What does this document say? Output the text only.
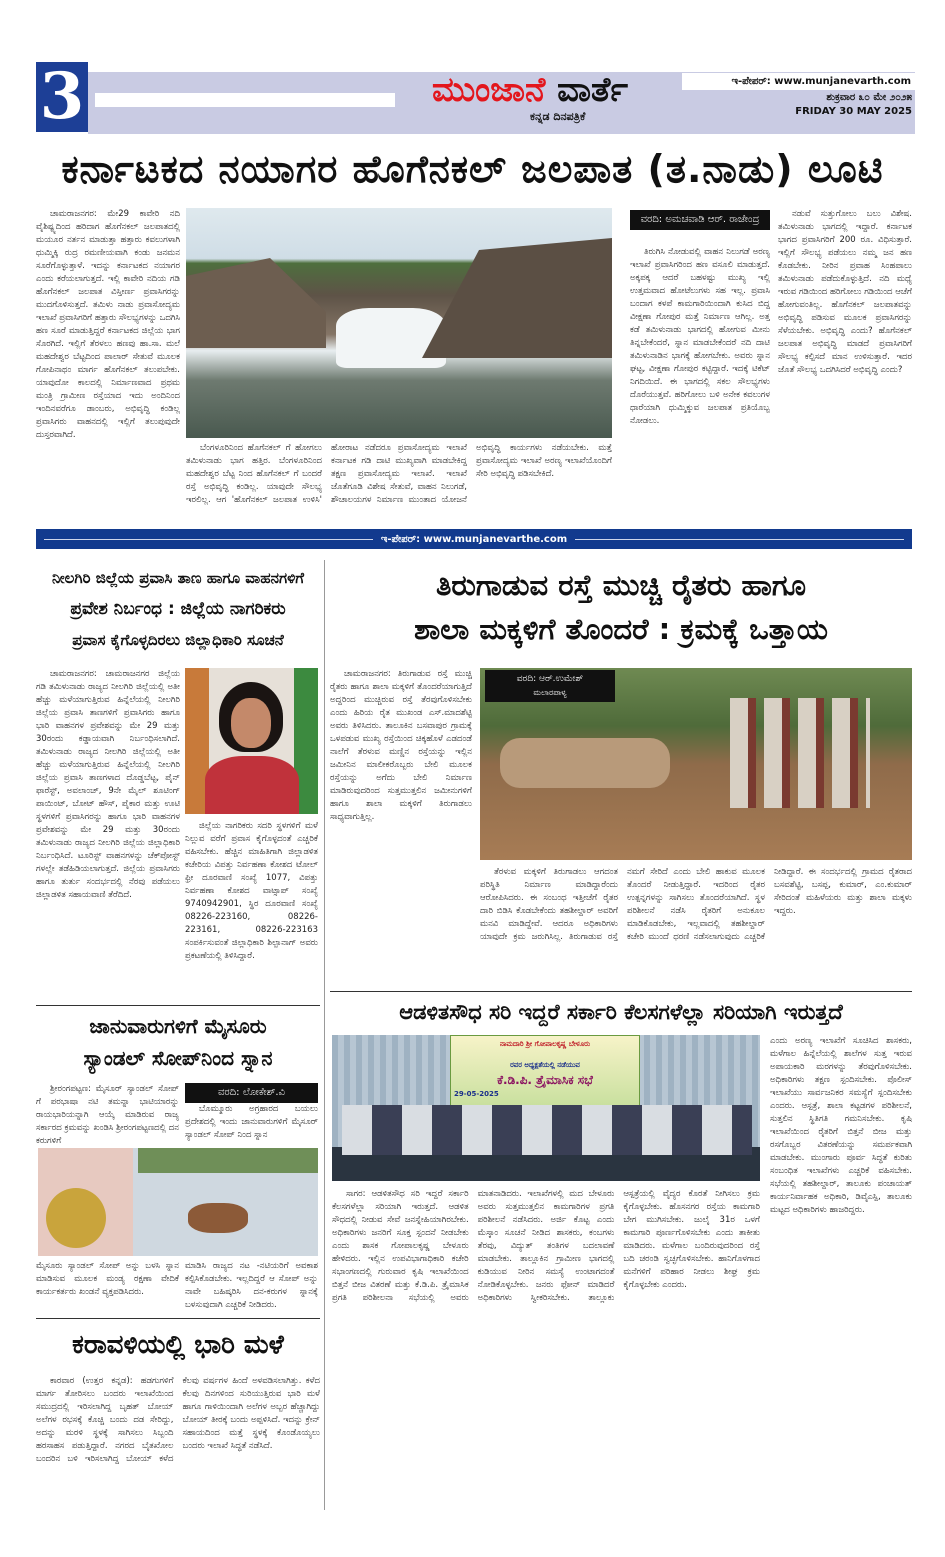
3	ಮುಂಜಾನೆ ವಾರ್ತೆ
ಕನ್ನಡ ದಿನಪತ್ರಿಕೆ
ಇ-ಪೇಪರ್: www.munjanevarth.com
ಶುಕ್ರವಾರ ೩೦ ಮೇ ೨೦೨೫
FRIDAY 30 MAY 2025
ಕರ್ನಾಟಕದ ನಯಾಗರ ಹೊಗೆನಕಲ್ ಜಲಪಾತ (ತ.ನಾಡು) ಲೂಟಿ

ಚಾಮರಾಜನಗರ: ಮೇ29 ಕಾವೇರಿ ನದಿ ವೈಶಿಷ್ಟ್ಯದಿಂದ ಹರಿದಾಗ ಹೊಗೆನಕಲ್ ಜಲಪಾತದಲ್ಲಿ ಮಯೂರ ನರ್ತನ ಮಾಡುತ್ತಾ ಹತ್ತಾರು ಕವಲುಗಳಾಗಿ ಧುಮ್ಮಿಕ್ಕಿ ರುದ್ರ ರಮಣೀಯವಾಗಿ ಕಂಡು ಜನಮನ ಸೂರೆಗೊಳ್ಳುತ್ತಾಳೆ. ಇದನ್ನು ಕರ್ನಾಟಕದ ನಯಾಗರ ಎಂದು ಕರೆಯಲಾಗುತ್ತದೆ. ಇಲ್ಲಿ ಕಾವೇರಿ ನದಿಯ ಗಡಿ ಹೊಗೆನಕಲ್ ಜಲಪಾತ ವಿಸ್ತೀರ್ಣ ಪ್ರವಾಸಿಗರನ್ನು ಮುದಗೊಳಿಸುತ್ತದೆ. ತಮಿಳು ನಾಡು ಪ್ರವಾಸೋದ್ಯಮ ಇಲಾಖೆ ಪ್ರವಾಸಿಗರಿಗೆ ಹತ್ತಾರು ಸೌಲಭ್ಯಗಳನ್ನು ಒದಗಿಸಿ ಹಣ ಸೂರೆ ಮಾಡುತ್ತಿದ್ದರೆ ಕರ್ನಾಟಕದ ಜಿಲ್ಲೆಯ ಭಾಗ ಸೊರಗಿದೆ. ಇಲ್ಲಿಗೆ ತೆರಳಲು ಹಣವು ಹಾ.ಸಾ. ಮಲೆ ಮಹದೇಶ್ವರ ಬೆಟ್ಟದಿಂದ ಪಾಲಾರ್ ಸೇತುವೆ ಮೂಲಕ ಗೋಪಿನಾಥಂ ಮಾರ್ಗ ಹೊಗೆನಕಲ್ ತಲುಪಬೇಕು. ಯಾವುದೋ ಕಾಲದಲ್ಲಿ ನಿರ್ಮಾಣವಾದ ಪ್ರಥಮ ಮಂತ್ರಿ ಗ್ರಾಮೀಣ ರಸ್ತೆಯಾದ ಇದು ಅಂದಿನಿಂದ ಇಂದಿನವರೆಗೂ ಡಾಂಬರು, ಅಭಿವೃದ್ಧಿ ಕಂಡಿಲ್ಲ ಪ್ರವಾಸಿಗರು ವಾಹನದಲ್ಲಿ ಇಲ್ಲಿಗೆ ತಲುಪುವುದೇ ದುಸ್ತರವಾಗಿದೆ.

ಬೆಂಗಳೂರಿನಿಂದ ಹೊಗೆನಕಲ್ ಗೆ ಹೋಗಲು ತಮಿಳುನಾಡು ಭಾಗ ಹತ್ತಿರ. ಬೆಂಗಳೂರಿನಿಂದ ಮಹದೇಶ್ವರ ಬೆಟ್ಟ ನಿಂದ ಹೊಗೆನಕಲ್ ಗೆ ಬಂದರೆ ರಸ್ತೆ ಅಭಿವೃದ್ಧಿ ಕಂಡಿಲ್ಲ. ಯಾವುದೇ ಸೌಲಭ್ಯ ಇರಲಿಲ್ಲ. ಆಗ 'ಹೊಗೆನಕಲ್ ಜಲಪಾತ ಉಳಿಸಿ' ಹೋರಾಟ ನಡೆದರೂ ಪ್ರವಾಸೋದ್ಯಮ ಇಲಾಖೆ ಕರ್ನಾಟಕ ಗಡಿ ದಾಟಿ ಮುಖ್ಯವಾಗಿ ಮಾಡಬೇಕಿದ್ದ ತಕ್ಷಣ ಪ್ರವಾಸೋದ್ಯಮ ಇಲಾಖೆ. ಇಲಾಖೆ ಜೊತೆಗೂಡಿ ವಿಶೇಷ ಸೇತುವೆ, ವಾಹನ ನಿಲುಗಡೆ, ಶೌಚಾಲಯಗಳ ನಿರ್ಮಾಣ ಮುಂತಾದ ಯೋಜನೆ ಅಭಿವೃದ್ಧಿ ಕಾರ್ಯಗಳು ನಡೆಯಬೇಕು. ಮತ್ತೆ ಪ್ರವಾಸೋದ್ಯಮ ಇಲಾಖೆ ಅರಣ್ಯ ಇಲಾಖೆಯೊಂದಿಗೆ ಸೇರಿ ಅಭಿವೃದ್ಧಿ ಪಡಿಸಬೇಕಿದೆ.

ವರದಿ: ಅಮಚವಾಡಿ ಆರ್. ರಾಜೇಂದ್ರ

ತಿರುಗಿಸಿ ನೋಡುವಲ್ಲಿ ವಾಹನ ನಿಲುಗಡೆ ಅರಣ್ಯ ಇಲಾಖೆ ಪ್ರವಾಸಿಗರಿಂದ ಹಣ ವಸೂಲಿ ಮಾಡುತ್ತದೆ. ಅಕ್ಕಪಕ್ಕ ಆದರೆ ಬಹಳಷ್ಟು ಮುಖ್ಯ ಇಲ್ಲಿ ಉತ್ತಮವಾದ ಹೋಟೆಲುಗಳು ಸಹ ಇಲ್ಲ. ಪ್ರವಾಸಿ ಬಂದಾಗ ಕಳಪೆ ಕಾಮಗಾರಿಯಿಂದಾಗಿ ಕುಸಿದ ಬಿದ್ದ ವೀಕ್ಷಣಾ ಗೋಪುರ ಮತ್ತೆ ನಿರ್ಮಾಣ ಆಗಿಲ್ಲ. ಅತ್ತ ಕಡೆ ತಮಿಳುನಾಡು ಭಾಗದಲ್ಲಿ ಹೋಗುವ ಮೀನು ತಿನ್ನಬೇಕೆಂದರೆ, ಸ್ನಾನ ಮಾಡಬೇಕೆಂದರೆ ನದಿ ದಾಟಿ ತಮಿಳುನಾಡಿನ ಭಾಗಕ್ಕೆ ಹೋಗಬೇಕು. ಅವರು ಸ್ನಾನ ಘಟ್ಟ, ವೀಕ್ಷಣಾ ಗೋಪುರ ಕಟ್ಟಿದ್ದಾರೆ. ಇದಕ್ಕೆ ಟಿಕೆಟ್ ನಿಗದಿಯಿದೆ. ಈ ಭಾಗದಲ್ಲಿ ಸಕಲ ಸೌಲಭ್ಯಗಳು ದೊರೆಯುತ್ತವೆ. ಹರಿಗೋಲು ಬಳಿ ಅನೇಕ ಕವಲುಗಳ ಧಾರೆಯಾಗಿ ಧುಮ್ಮಿಕ್ಕುವ ಜಲಪಾತ ಪ್ರತಿಯೊಬ್ಬ ನೋಡಲು.

ನಡುವೆ ಸುತ್ತುಗೋಲು ಬಲು ವಿಶೇಷ. ತಮಿಳುನಾಡು ಭಾಗದಲ್ಲಿ ಇದ್ದಾರೆ. ಕರ್ನಾಟಕ ಭಾಗದ ಪ್ರವಾಸಿಗರಿಗೆ 200 ರೂ. ವಿಧಿಸುತ್ತಾರೆ. ಇಲ್ಲಿಗೆ ಸೌಲಭ್ಯ ಪಡೆಯಲು ನಮ್ಮ ಜನ ಹಣ ಕೊಡಬೇಕು. ನೀರಿನ ಪ್ರವಾಹ ಸಿಂಹಪಾಲು ತಮಿಳುನಾಡು ಪಡೆದುಕೊಳ್ಳುತ್ತಿದೆ. ನದಿ ಮಧ್ಯೆ ಇರುವ ಗಡಿಯಿಂದ ಹರಿಗೋಲು ಗಡಿಯಿಂದ ಆಚೆಗೆ ಹೋಗುವಂತಿಲ್ಲ. ಹೊಗೆನಕಲ್ ಜಲಪಾತವನ್ನು ಅಭಿವೃದ್ಧಿ ಪಡಿಸುವ ಮೂಲಕ ಪ್ರವಾಸಿಗರನ್ನು ಸೆಳೆಯಬೇಕು. ಅಭಿವೃದ್ಧಿ ಎಂದು? ಹೊಗೆನಕಲ್ ಜಲಪಾತ ಅಭಿವೃದ್ಧಿ ಮಾಡದೆ ಪ್ರವಾಸಿಗರಿಗೆ ಸೌಲಭ್ಯ ಕಲ್ಪಿಸದೆ ಮಾನ ಉಳಿಸುತ್ತಾರೆ. ಇದರ ಜೊತೆ ಸೌಲಭ್ಯ ಒದಗಿಸಿದರೆ ಅಭಿವೃದ್ಧಿ ಎಂದು?

ಇ-ಪೇಪರ್: www.munjanevarthe.com
ನೀಲಗಿರಿ ಜಿಲ್ಲೆಯ ಪ್ರವಾಸಿ ತಾಣ ಹಾಗೂ ವಾಹನಗಳಿಗೆ
ಪ್ರವೇಶ ನಿರ್ಬಂಧ : ಜಿಲ್ಲೆಯ ನಾಗರಿಕರು
ಪ್ರವಾಸ ಕೈಗೊಳ್ಳದಿರಲು ಜಿಲ್ಲಾಧಿಕಾರಿ ಸೂಚನೆ

ಚಾಮರಾಜನಗರ: ಚಾಮರಾಜನಗರ ಜಿಲ್ಲೆಯ ಗಡಿ ತಮಿಳುನಾಡು ರಾಜ್ಯದ ನೀಲಗಿರಿ ಜಿಲ್ಲೆಯಲ್ಲಿ ಅತೀ ಹೆಚ್ಚು ಮಳೆಯಾಗುತ್ತಿರುವ ಹಿನ್ನೆಲೆಯಲ್ಲಿ ನೀಲಗಿರಿ ಜಿಲ್ಲೆಯ ಪ್ರವಾಸಿ ತಾಣಗಳಿಗೆ ಪ್ರವಾಸಿಗರು ಹಾಗೂ ಭಾರಿ ವಾಹನಗಳ ಪ್ರವೇಶವನ್ನು ಮೇ 29 ಮತ್ತು 30ರಂದು ಕಡ್ಡಾಯವಾಗಿ ನಿರ್ಬಂಧಿಸಲಾಗಿದೆ. ತಮಿಳುನಾಡು ರಾಜ್ಯದ ನೀಲಗಿರಿ ಜಿಲ್ಲೆಯಲ್ಲಿ ಅತೀ ಹೆಚ್ಚು ಮಳೆಯಾಗುತ್ತಿರುವ ಹಿನ್ನೆಲೆಯಲ್ಲಿ ನೀಲಗಿರಿ ಜಿಲ್ಲೆಯ ಪ್ರವಾಸಿ ತಾಣಗಳಾದ ದೊಡ್ಡಬೆಟ್ಟ, ಪೈನ್ ಫಾರೆಸ್ಟ್, ಅವಲಾಂಚ್, 9ನೇ ಮೈಲ್ ಶೂಟಿಂಗ್ ಪಾಯಿಂಟ್, ಬೋಟ್ ಹೌಸ್, ಪೈಕಾರ ಮತ್ತು ಊಟಿ ಸ್ಥಳಗಳಿಗೆ ಪ್ರವಾಸಿಗರನ್ನು ಹಾಗೂ ಭಾರಿ ವಾಹನಗಳ ಪ್ರವೇಶವನ್ನು ಮೇ 29 ಮತ್ತು 30ರಂದು ತಮಿಳುನಾಡು ರಾಜ್ಯದ ನೀಲಗಿರಿ ಜಿಲ್ಲೆಯ ಜಿಲ್ಲಾಧಿಕಾರಿ ನಿರ್ಬಂಧಿಸಿದೆ. ಟೂರಿಸ್ಟ್ ವಾಹನಗಳನ್ನು ಚೆಕ್‍ಪೋಸ್ಟ್ ಗಳಲ್ಲೇ ತಡೆಹಿಡಿಯಲಾಗುತ್ತದೆ. ಜಿಲ್ಲೆಯ ಪ್ರವಾಸಿಗರು ಹಾಗೂ ತುರ್ತು ಸಂದರ್ಭದಲ್ಲಿ ನೆರವು ಪಡೆಯಲು ಜಿಲ್ಲಾಡಳಿತ ಸಹಾಯವಾಣಿ ತೆರೆದಿದೆ.

ಜಿಲ್ಲೆಯ ನಾಗರಿಕರು ಸದರಿ ಸ್ಥಳಗಳಿಗೆ ಮಳೆ ನಿಲ್ಲುವ ವರೆಗೆ ಪ್ರವಾಸ ಕೈಗೊಳ್ಳದಂತೆ ಎಚ್ಚರಿಕೆ ವಹಿಸಬೇಕು. ಹೆಚ್ಚಿನ ಮಾಹಿತಿಗಾಗಿ ಜಿಲ್ಲಾಡಳಿತ ಕಚೇರಿಯ ವಿಪತ್ತು ನಿರ್ವಹಣಾ ಕೋಶದ ಟೋಲ್ ಫ್ರೀ ದೂರವಾಣಿ ಸಂಖ್ಯೆ 1077, ವಿಪತ್ತು ನಿರ್ವಹಣಾ ಕೋಶದ ವಾಟ್ಸಾಪ್ ಸಂಖ್ಯೆ 9740942901, ಸ್ಥಿರ ದೂರವಾಣಿ ಸಂಖ್ಯೆ 08226-223160, 08226-223161, 08226-223163 ಸಂಪರ್ಕಿಸುವಂತೆ ಜಿಲ್ಲಾಧಿಕಾರಿ ಶಿಲ್ಪಾನಾಗ್ ಅವರು ಪ್ರಕಟಣೆಯಲ್ಲಿ ತಿಳಿಸಿದ್ದಾರೆ.

ತಿರುಗಾಡುವ ರಸ್ತೆ ಮುಚ್ಚಿ ರೈತರು ಹಾಗೂ
ಶಾಲಾ ಮಕ್ಕಳಿಗೆ ತೊಂದರೆ : ಕ್ರಮಕ್ಕೆ ಒತ್ತಾಯ

ಚಾಮರಾಜನಗರ: ತಿರುಗಾಡುವ ರಸ್ತೆ ಮುಚ್ಚಿ ರೈತರು ಹಾಗೂ ಶಾಲಾ ಮಕ್ಕಳಿಗೆ ತೊಂದರೆಯಾಗುತ್ತಿದೆ ಅದ್ದರಿಂದ ಮುಚ್ಚಿರುವ ರಸ್ತೆ ತೆರವುಗೊಳಿಸಬೇಕು ಎಂದು ಹಿರಿಯ ರೈತ ಮುಖಂಡ ಎಸ್.ಮಾದಶೆಟ್ಟಿ ಅವರು ತಿಳಿಸಿದರು. ತಾಲೂಕಿನ ಬಸವಾಪುರ ಗ್ರಾಮಕ್ಕೆ ಒಳಪಡುವ ಮುಖ್ಯ ರಸ್ತೆಯಿಂದ ಚಿಕ್ಕಹೊಳೆ ಎಡದಂಡೆ ನಾಲೆಗೆ ತೆರಳುವ ಮಣ್ಣಿನ ರಸ್ತೆಯನ್ನು ಇಲ್ಲಿನ ಜಮೀನಿನ ಮಾಲೀಕರೊಬ್ಬರು ಬೇಲಿ ಮೂಲಕ ರಸ್ತೆಯನ್ನು ಅಗೆದು ಬೇಲಿ ನಿರ್ಮಾಣ ಮಾಡಿರುವುದರಿಂದ ಸುತ್ತಮುತ್ತಲಿನ ಜಮೀನುಗಳಿಗೆ ಹಾಗೂ ಶಾಲಾ ಮಕ್ಕಳಿಗೆ ತಿರುಗಾಡಲು ಸಾಧ್ಯವಾಗುತ್ತಿಲ್ಲ.

ವರದಿ: ಆರ್.ಉಮೇಶ್
ಮಲಾರಪಾಳ್ಯ

ತೆರಳುವ ಮಕ್ಕಳಿಗೆ ತಿರುಗಾಡಲು ಆಗದಂತ ಪರಿಸ್ಥಿತಿ ನಿರ್ಮಾಣ ಮಾಡಿದ್ದಾರೆಂದು ಆರೋಪಿಸಿದರು. ಈ ಸಂಬಂಧ ಇತ್ತೀಚೆಗೆ ರೈತರ ದಾರಿ ಬಿಡಿಸಿ ಕೊಡಬೇಕೆಂದು ತಹಶೀಲ್ದಾರ್ ಅವರಿಗೆ ಮನವಿ ಮಾಡಿದ್ದೇವೆ. ಆದರೂ ಅಧಿಕಾರಿಗಳು ಯಾವುದೇ ಕ್ರಮ ಜರುಗಿಸಿಲ್ಲ. ತಿರುಗಾಡುವ ರಸ್ತೆ ನಮಗೆ ಸೇರಿದೆ ಎಂದು ಬೇಲಿ ಹಾಕುವ ಮೂಲಕ ತೊಂದರೆ ನೀಡುತ್ತಿದ್ದಾರೆ. ಇದರಿಂದ ರೈತರ ಉತ್ಪನ್ನಗಳನ್ನು ಸಾಗಿಸಲು ತೊಂದರೆಯಾಗಿದೆ. ಸ್ಥಳ ಪರಿಶೀಲನೆ ನಡೆಸಿ ರೈತರಿಗೆ ಅನುಕೂಲ ಮಾಡಿಕೊಡಬೇಕು, ಇಲ್ಲವಾದಲ್ಲಿ ತಹಶೀಲ್ದಾರ್ ಕಚೇರಿ ಮುಂದೆ ಧರಣಿ ನಡೆಸಲಾಗುವುದು ಎಚ್ಚರಿಕೆ ನೀಡಿದ್ದಾರೆ. ಈ ಸಂದರ್ಭದಲ್ಲಿ ಗ್ರಾಮದ ರೈತರಾದ ಬಸವಶೆಟ್ಟಿ, ಬಸಪ್ಪ, ಕುಮಾರ್, ಎಂ.ಕುಮಾರ್ ಸೇರಿದಂತೆ ಮಹಿಳೆಯರು ಮತ್ತು ಶಾಲಾ ಮಕ್ಕಳು ಇದ್ದರು.

ಜಾನುವಾರುಗಳಿಗೆ ಮೈಸೂರು
ಸ್ಯಾಂಡಲ್ ಸೋಪ್‌ನಿಂದ ಸ್ನಾನ

ಶ್ರೀರಂಗಪಟ್ಟಣ: ಮೈಸೂರ್ ಸ್ಯಾಂಡಲ್ ಸೋಪ್ ಗೆ ಪರಭಾಷಾ ನಟಿ ತಮನ್ನಾ ಭಾಟಿಯಾರನ್ನು ರಾಯಭಾರಿಯನ್ನಾಗಿ ಆಯ್ಕೆ ಮಾಡಿರುವ ರಾಜ್ಯ ಸರ್ಕಾರದ ಕ್ರಮವನ್ನು ಖಂಡಿಸಿ ಶ್ರೀರಂಗಪಟ್ಟಣದಲ್ಲಿ ದನ ಕರುಗಳಿಗೆ

ವರದಿ: ಲೋಕೇಶ್.ವಿ

ಬೊಮ್ಮೂರು ಅಗ್ರಹಾರದ ಬಯಲು ಪ್ರದೇಶದಲ್ಲಿ ಇಂದು ಜಾನುವಾರುಗಳಿಗೆ ಮೈಸೂರ್ ಸ್ಯಾಂಡಲ್ ಸೋಪ್ ನಿಂದ ಸ್ನಾನ

ಮೈಸೂರು ಸ್ಯಾಂಡಲ್ ಸೋಪ್ ಅನ್ನು ಬಳಸಿ ಸ್ನಾನ ಮಾಡಿಸುವ ಮೂಲಕ ಮಂಡ್ಯ ರಕ್ಷಣಾ ವೇದಿಕೆ ಕಾರ್ಯಕರ್ತರು ಖಂಡನೆ ವ್ಯಕ್ತಪಡಿಸಿದರು.

ಮಾಡಿಸಿ ರಾಜ್ಯದ ನಟ -ನಟಿಯರಿಗೆ ಅವಕಾಶ ಕಲ್ಪಿಸಿಕೊಡಬೇಕು. ಇಲ್ಲದಿದ್ದರೆ ಆ ಸೋಪ್ ಅನ್ನು ನಾವೇ ಬಹಿಷ್ಕರಿಸಿ ದನ-ಕರುಗಳ ಸ್ನಾನಕ್ಕೆ ಬಳಸುವುದಾಗಿ ಎಚ್ಚರಿಕೆ ನೀಡಿದರು.

ಕರಾವಳಿಯಲ್ಲಿ ಭಾರಿ ಮಳೆ

ಕಾರವಾರ (ಉತ್ತರ ಕನ್ನಡ): ಹಡಗುಗಳಿಗೆ ಮಾರ್ಗ ತೋರಿಸಲು ಬಂದರು ಇಲಾಖೆಯಿಂದ ಸಮುದ್ರದಲ್ಲಿ ಇರಿಸಲಾಗಿದ್ದ ಬೃಹತ್ ಬೋಯ್ ಅಲೆಗಳ ರಭಸಕ್ಕೆ ಕೊಚ್ಚಿ ಬಂದು ದಡ ಸೇರಿದ್ದು, ಅದನ್ನು ಮರಳಿ ಸ್ಥಳಕ್ಕೆ ಸಾಗಿಸಲು ಸಿಬ್ಬಂದಿ ಹರಸಾಹಸ ಪಡುತ್ತಿದ್ದಾರೆ. ನಗರದ ಬೈತಖೋಲ ಬಂದರಿನ ಬಳಿ ಇರಿಸಲಾಗಿದ್ದ ಬೋಯ್ ಕಳೆದ ಕೆಲವು ವರ್ಷಗಳ ಹಿಂದೆ ಅಳವಡಿಸಲಾಗಿತ್ತು. ಕಳೆದ ಕೆಲವು ದಿನಗಳಿಂದ ಸುರಿಯುತ್ತಿರುವ ಭಾರಿ ಮಳೆ ಹಾಗೂ ಗಾಳಿಯಿಂದಾಗಿ ಅಲೆಗಳ ಅಬ್ಬರ ಹೆಚ್ಚಾಗಿದ್ದು ಬೋಯ್ ತೀರಕ್ಕೆ ಬಂದು ಅಪ್ಪಳಿಸಿದೆ. ಇದನ್ನು ಕ್ರೇನ್ ಸಹಾಯದಿಂದ ಮತ್ತೆ ಸ್ಥಳಕ್ಕೆ ಕೊಂಡೊಯ್ಯಲು ಬಂದರು ಇಲಾಖೆ ಸಿದ್ಧತೆ ನಡೆಸಿದೆ.

ಆಡಳಿತಸೌಧ ಸರಿ ಇದ್ದರೆ ಸರ್ಕಾರಿ ಕೆಲಸಗಳೆಲ್ಲಾ ಸರಿಯಾಗಿ ಇರುತ್ತದೆ
ನಾಮದಾರಿ ಶ್ರೀ ಗೋಪಾಲಕೃಷ್ಣ ಬೇಳೂರು
ರವರ ಅಧ್ಯಕ್ಷತೆಯಲ್ಲಿ ನಡೆಯುವ
ಕೆ.ಡಿ.ಪಿ. ತ್ರೈಮಾಸಿಕ ಸಭೆ
29-05-2025

ಎಂದು ಅರಣ್ಯ ಇಲಾಖೆಗೆ ಸೂಚಿಸಿದ ಶಾಸಕರು, ಮಳೆಗಾಲ ಹಿನ್ನೆಲೆಯಲ್ಲಿ ಶಾಲೆಗಳ ಸುತ್ತ ಇರುವ ಅಪಾಯಕಾರಿ ಮರಗಳನ್ನು ತೆರವುಗೊಳಿಸಬೇಕು. ಅಧಿಕಾರಿಗಳು ತಕ್ಷಣ ಸ್ಪಂದಿಸಬೇಕು. ಪೊಲೀಸ್ ಇಲಾಖೆಯು ಸಾರ್ವಜನಿಕರ ಸಮಸ್ಯೆಗೆ ಸ್ಪಂದಿಸಬೇಕು ಎಂದರು. ಆಸ್ಪತ್ರೆ, ಶಾಲಾ ಕಟ್ಟಡಗಳ ಪರಿಶೀಲನೆ, ಸುತ್ತಲಿನ ಸ್ಥಿತಿಗತಿ ಗಮನಿಸಬೇಕು. ಕೃಷಿ ಇಲಾಖೆಯಿಂದ ರೈತರಿಗೆ ಬಿತ್ತನೆ ಬೀಜ ಮತ್ತು ರಸಗೊಬ್ಬರ ವಿತರಣೆಯನ್ನು ಸಮರ್ಪಕವಾಗಿ ಮಾಡಬೇಕು. ಮುಂಗಾರು ಪೂರ್ವ ಸಿದ್ಧತೆ ಕುರಿತು ಸಂಬಂಧಿತ ಇಲಾಖೆಗಳು ಎಚ್ಚರಿಕೆ ವಹಿಸಬೇಕು. ಸಭೆಯಲ್ಲಿ ತಹಶೀಲ್ದಾರ್, ತಾಲೂಕು ಪಂಚಾಯತ್ ಕಾರ್ಯನಿರ್ವಾಹಕ ಅಧಿಕಾರಿ, ಡಿವೈಎಸ್ಪಿ, ತಾಲೂಕು ಮಟ್ಟದ ಅಧಿಕಾರಿಗಳು ಹಾಜರಿದ್ದರು.

ಸಾಗರ: ಆಡಳಿತಸೌಧ ಸರಿ ಇದ್ದರೆ ಸರ್ಕಾರಿ ಕೆಲಸಗಳೆಲ್ಲಾ ಸರಿಯಾಗಿ ಇರುತ್ತದೆ. ಆಡಳಿತ ಸೌಧದಲ್ಲಿ ನೀಡುವ ಸೇವೆ ಜನಸ್ನೇಹಿಯಾಗಿರಬೇಕು. ಅಧಿಕಾರಿಗಳು ಜನರಿಗೆ ಸೂಕ್ತ ಸ್ಪಂದನೆ ನೀಡಬೇಕು ಎಂದು ಶಾಸಕ ಗೋಪಾಲಕೃಷ್ಣ ಬೇಳೂರು ಹೇಳಿದರು. ಇಲ್ಲಿನ ಉಪವಿಭಾಗಾಧಿಕಾರಿ ಕಚೇರಿ ಸಭಾಂಗಣದಲ್ಲಿ ಗುರುವಾರ ಕೃಷಿ ಇಲಾಖೆಯಿಂದ ಬಿತ್ತನೆ ಬೀಜ ವಿತರಣೆ ಮತ್ತು ಕೆ.ಡಿ.ಪಿ. ತ್ರೈಮಾಸಿಕ ಪ್ರಗತಿ ಪರಿಶೀಲನಾ ಸಭೆಯಲ್ಲಿ ಅವರು ಮಾತನಾಡಿದರು. ಇಲಾಖೆಗಳಲ್ಲಿ ಮದ ಬೇಳೂರು ಅವರು ಸುತ್ತಮುತ್ತಲಿನ ಕಾಮಗಾರಿಗಳ ಪ್ರಗತಿ ಪರಿಶೀಲನೆ ನಡೆಸಿದರು. ಅರ್ಜಿ ಕೊಟ್ಟ ಎಂದು ಮೆಸ್ಕಾಂ ಸೂಚನೆ ನೀಡಿದ ಶಾಸಕರು, ಕಂಬಗಳು ತೆರವು, ವಿದ್ಯುತ್ ತಂತಿಗಳ ಬದಲಾವಣೆ ಮಾಡಬೇಕು. ತಾಲ್ಲೂಕಿನ ಗ್ರಾಮೀಣ ಭಾಗದಲ್ಲಿ ಕುಡಿಯುವ ನೀರಿನ ಸಮಸ್ಯೆ ಉಂಟಾಗದಂತೆ ನೋಡಿಕೊಳ್ಳಬೇಕು. ಜನರು ಫೋನ್ ಮಾಡಿದರೆ ಅಧಿಕಾರಿಗಳು ಸ್ವೀಕರಿಸಬೇಕು. ತಾಲ್ಲೂಕು ಆಸ್ಪತ್ರೆಯಲ್ಲಿ ವೈದ್ಯರ ಕೊರತೆ ನೀಗಿಸಲು ಕ್ರಮ ಕೈಗೊಳ್ಳಬೇಕು. ಹೊಸನಗರ ರಸ್ತೆಯ ಕಾಮಗಾರಿ ಬೇಗ ಮುಗಿಸಬೇಕು. ಜುಲೈ 31ರ ಒಳಗೆ ಕಾಮಗಾರಿ ಪೂರ್ಣಗೊಳಿಸಬೇಕು ಎಂದು ತಾಕೀತು ಮಾಡಿದರು. ಮಳೆಗಾಲ ಬಂದಿರುವುದರಿಂದ ರಸ್ತೆ ಬದಿ ಚರಂಡಿ ಸ್ವಚ್ಛಗೊಳಿಸಬೇಕು. ಹಾನಿಗೊಳಗಾದ ಮನೆಗಳಿಗೆ ಪರಿಹಾರ ನೀಡಲು ಶೀಘ್ರ ಕ್ರಮ ಕೈಗೊಳ್ಳಬೇಕು ಎಂದರು.
